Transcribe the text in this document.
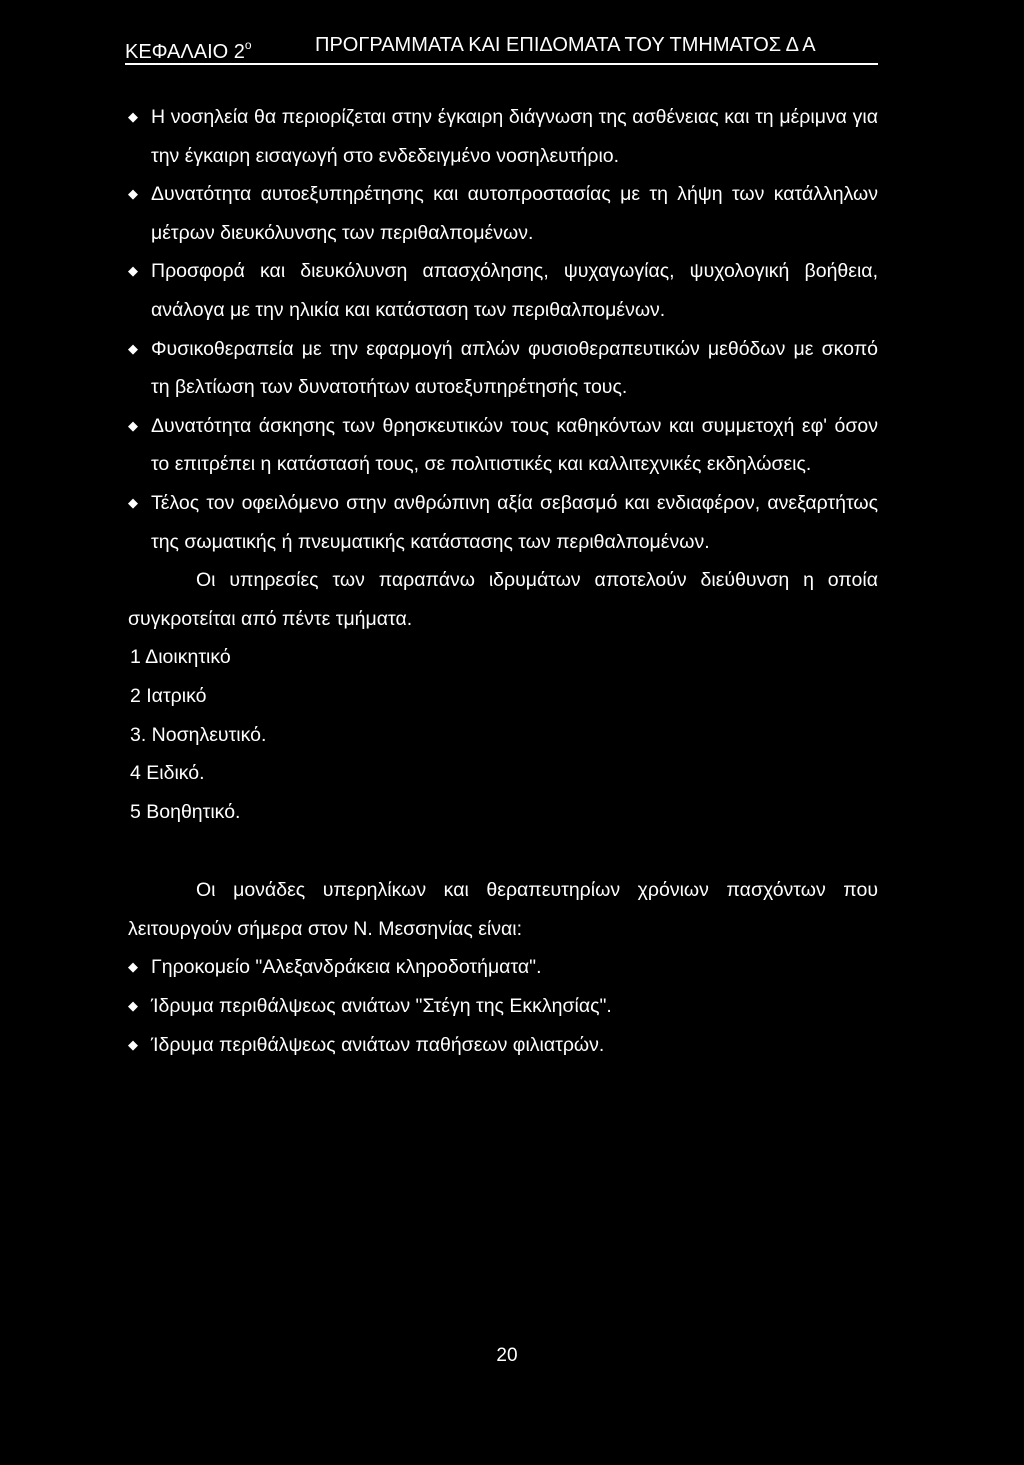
ΚΕΦΑΛΑΙΟ $2^o$	ΠΡΟΓΡΑΜΜΑΤΑ ΚΑΙ ΕΠΙΔΟΜΑΤΑ ΤΟΥ ΤΜΗΜΑΤΟΣ Δ Α
◆ Η νοσηλεία θα περιορίζεται στην έγκαιρη διάγνωση της ασθένειας και τη μέριμνα για την έγκαιρη εισαγωγή στο ενδεδειγμένο νοσηλευτήριο.
◆ Δυνατότητα αυτοεξυπηρέτησης και αυτοπροστασίας με τη λήψη των κατάλληλων μέτρων διευκόλυνσης των περιθαλπομένων.
◆ Προσφορά και διευκόλυνση απασχόλησης, ψυχαγωγίας, ψυχολογική βοήθεια, ανάλογα με την ηλικία και κατάσταση των περιθαλπομένων.
◆ Φυσικοθεραπεία με την εφαρμογή απλών φυσιοθεραπευτικών μεθόδων με σκοπό τη βελτίωση των δυνατοτήτων αυτοεξυπηρέτησής τους.
◆ Δυνατότητα άσκησης των θρησκευτικών τους καθηκόντων και συμμετοχή εφ' όσον το επιτρέπει η κατάστασή τους, σε πολιτιστικές και καλλιτεχνικές εκδηλώσεις.
◆ Τέλος τον οφειλόμενο στην ανθρώπινη αξία σεβασμό και ενδιαφέρον, ανεξαρτήτως της σωματικής ή πνευματικής κατάστασης των περιθαλπομένων.
Οι υπηρεσίες των παραπάνω ιδρυμάτων αποτελούν διεύθυνση η οποία συγκροτείται από πέντε τμήματα.
1 Διοικητικό
2 Ιατρικό
3. Νοσηλευτικό.
4 Ειδικό.
5 Βοηθητικό.
Οι μονάδες υπερηλίκων και θεραπευτηρίων χρόνιων πασχόντων που λειτουργούν σήμερα στον Ν. Μεσσηνίας είναι:
◆ Γηροκομείο "Αλεξανδράκεια κληροδοτήματα".
◆ Ίδρυμα περιθάλψεως ανιάτων "Στέγη της Εκκλησίας".
◆ Ίδρυμα περιθάλψεως ανιάτων παθήσεων φιλιατρών.
20
